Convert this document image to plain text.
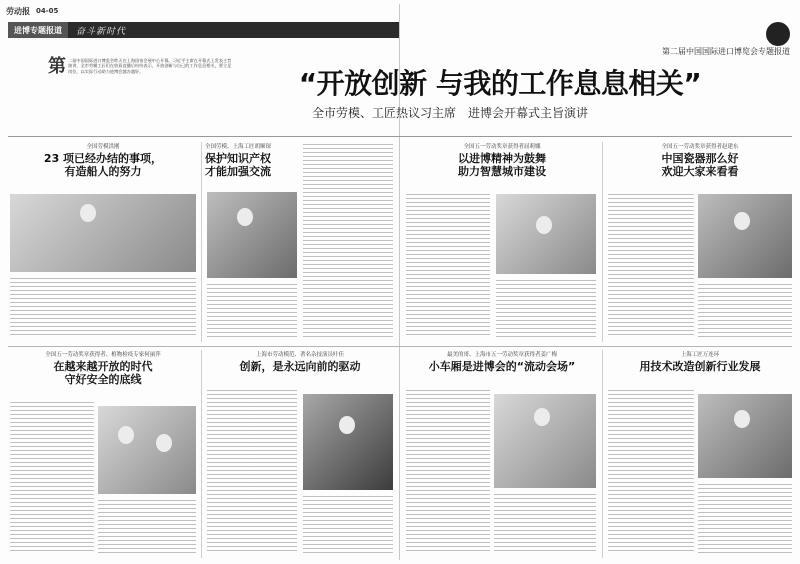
劳动报 04-05
进博专题报道	奋斗新时代
第二届中国国际进口博览会专题报道
第 二届中国国际进口博览会昨天在上海国家会展中心开幕。习近平主席在开幕式上发表主旨演讲，全市劳模工匠们在收看直播后纷纷表示，开放创新与自己的工作息息相关，要立足岗位，以实际行动助力进博会越办越好。	“开放创新 与我的工作息息相关”
全市劳模、工匠热议习主席　进博会开幕式主旨演讲
全国劳模洪刚
23 项已经办结的事项，
有造船人的努力
全国劳模、上海工匠胡顺琛
保护知识产权
才能加强交流
全国五一劳动奖章获得者屈莉娜
以进博精神为鼓舞
助力智慧城市建设
全国五一劳动奖章获得者赵建东
中国瓷器那么好
欢迎大家来看看
全国五一劳动奖章获得者、植物检疫专家何丽萍
在越来越开放的时代
守好安全的底线
上海市劳动模范、著名杂技演员叶佳
创新，是永远向前的驱动
最美的哥、上海市五一劳动奖章获得者姜广梅
小车厢是进博会的“流动会场”
上海工匠万连环
用技术改造创新行业发展
